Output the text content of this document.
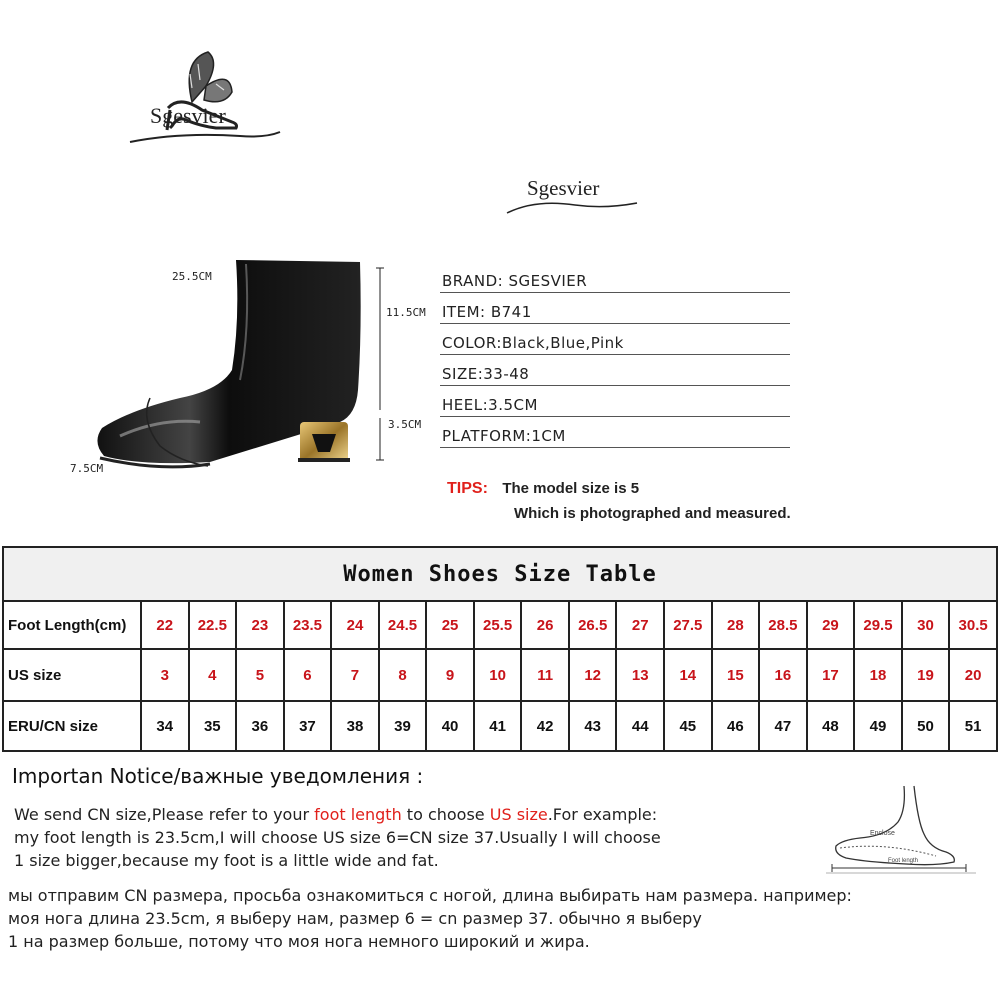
Sgesvier
Sgesvier
25.5CM
11.5CM
3.5CM
7.5CM
BRAND: SGESVIER
ITEM: B741
COLOR:Black,Blue,Pink
SIZE:33-48
HEEL:3.5CM
PLATFORM:1CM
TIPS: The model size is 5
Which is photographed and measured.
Women Shoes Size Table																		
Foot Length(cm)	22	22.5	23	23.5	24	24.5	25	25.5	26	26.5	27	27.5	28	28.5	29	29.5	30	30.5
US size	3	4	5	6	7	8	9	10	11	12	13	14	15	16	17	18	19	20
ERU/CN size	34	35	36	37	38	39	40	41	42	43	44	45	46	47	48	49	50	51
Importan Notice/важные уведомления :
We send CN size,Please refer to your foot length to choose US size.For example:
my foot length is 23.5cm,I will choose US size 6=CN size 37.Usually I will choose
1 size bigger,because my foot is a little wide and fat.
мы отправим CN размера, просьба ознакомиться с ногой, длина выбирать нам размера. например:
моя нога длина 23.5cm, я выберу нам, размер 6 = cn размер 37. обычно я выберу
1 на размер больше, потому что моя нога немного широкий и жира.
Enclose
Foot length
